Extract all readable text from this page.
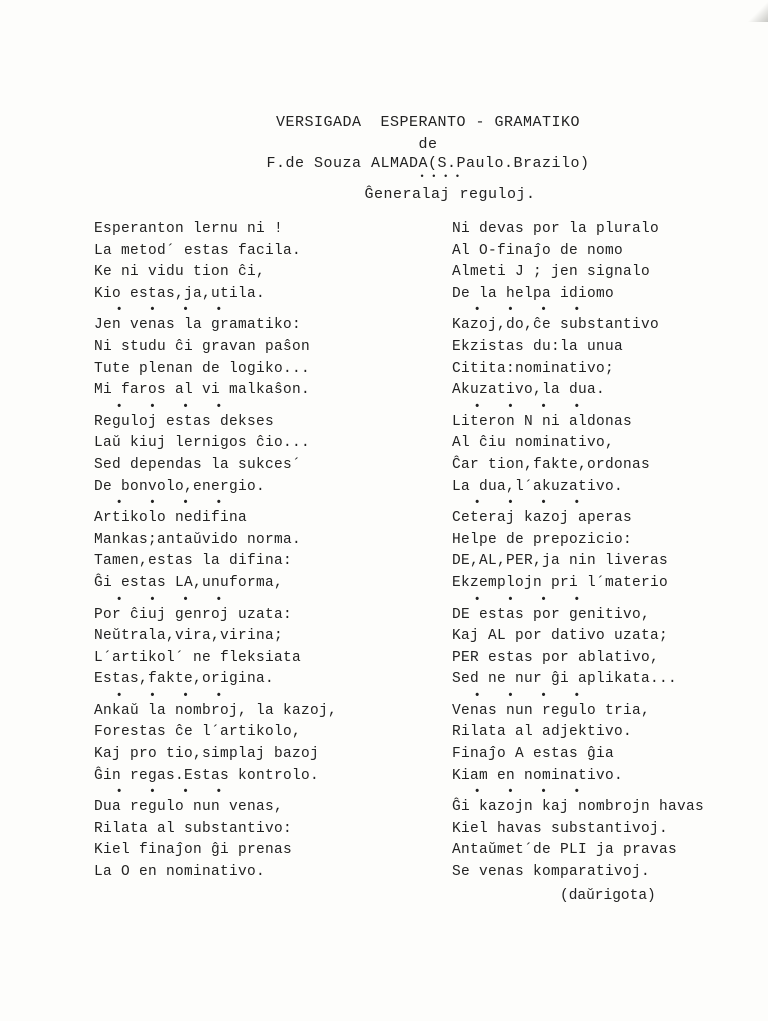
VERSIGADA  ESPERANTO - GRAMATIKO
de
F.de Souza ALMADA(S.Paulo.Brazilo)
• • • •
Ĝeneralaj reguloj.
Esperanton lernu ni !
La metod´ estas facila.
Ke ni vidu tion ĉi,
Kio estas,ja,utila.
• • • •
Jen venas la gramatiko:
Ni studu ĉi gravan paŝon
Tute plenan de logiko...
Mi faros al vi malkaŝon.
• • • •
Reguloj estas dekses
Laŭ kiuj lernigos ĉio...
Sed dependas la sukces´
De bonvolo,energio.
• • • •
Artikolo nedifina
Mankas;antaŭvido norma.
Tamen,estas la difina:
Ĝi estas LA,unuforma,
• • • •
Por ĉiuj genroj uzata:
Neŭtrala,vira,virina;
L´artikol´ ne fleksiata
Estas,fakte,origina.
• • • •
Ankaŭ la nombroj, la kazoj,
Forestas ĉe l´artikolo,
Kaj pro tio,simplaj bazoj
Ĝin regas.Estas kontrolo.
• • • •
Dua regulo nun venas,
Rilata al substantivo:
Kiel finaĵon ĝi prenas
La O en nominativo.
Ni devas por la pluralo
Al O-finaĵo de nomo
Almeti J ; jen signalo
De la helpa idiomo
• • • •
Kazoj,do,ĉe substantivo
Ekzistas du:la unua
Citita:nominativo;
Akuzativo,la dua.
• • • •
Literon N ni aldonas
Al ĉiu nominativo,
Ĉar tion,fakte,ordonas
La dua,l´akuzativo.
• • • •
Ceteraj kazoj aperas
Helpe de prepozicio:
DE,AL,PER,ja nin liveras
Ekzemplojn pri l´materio
• • • •
DE estas por genitivo,
Kaj AL por dativo uzata;
PER estas por ablativo,
Sed ne nur ĝi aplikata...
• • • •
Venas nun regulo tria,
Rilata al adjektivo.
Finaĵo A estas ĝia
Kiam en nominativo.
• • • •
Ĝi kazojn kaj nombrojn havas
Kiel havas substantivoj.
Antaŭmet´de PLI ja pravas
Se venas komparativoj.
(daŭrigota)
